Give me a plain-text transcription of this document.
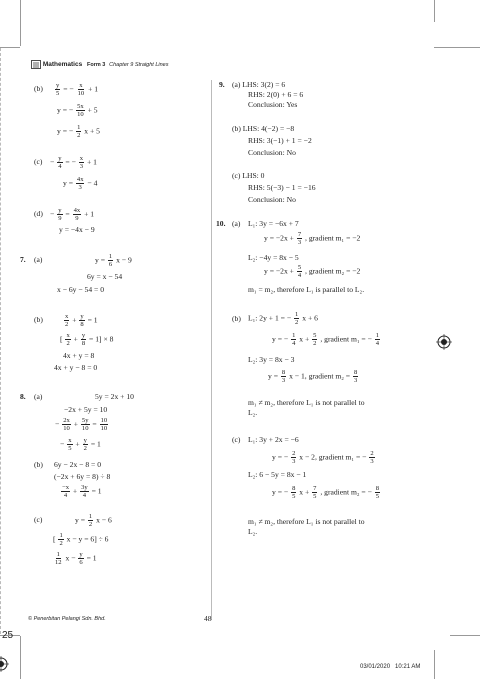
Mathematics Form 3 Chapter 9 Straight Lines
$(b) \frac{y}{5}$ = − $\frac{x}{10} + 1$
y = − $\frac{5x}{10} + 5$
y = − $\frac{1}{2}$ x + 5
$(c) - \frac{y}{4}$ = − $\frac{x}{3} + 1$
$y = \frac{4x}{3} - 4$
$(d) - \frac{y}{9} = \frac{4x}{9} + 1$
y = −4x − 9
7. (a)	$y = \frac{1}{6}$ x − 9
6y = x − 54
x − 6y − 54 = 0
(b)	$\frac{x}{2} + \frac{y}{8} = 1$
[ $\frac{x}{2} + \frac{y}{8} = 1] \times 8$
4x + y = 8
4x + y − 8 = 0
8. (a)	5y = 2x + 10
−2x + 5y = 10
− $\frac{2x}{10} + \frac{5y}{10} = \frac{10}{10}$
− $\frac{x}{5} + \frac{y}{2} = 1$
(b) 6y − 2x − 8 = 0
(−2x + 6y = 8) ÷ 8
$\frac{-x}{4} + \frac{3y}{4} = 1$
(c)	$y = \frac{1}{2}$ x − 6
[ $\frac{1}{2}$ x − y = 6] ÷ 6
$\frac{1}{12}$ $x - \frac{y}{6} = 1$
9. (a) LHS: 3(2) = 6
RHS: 2(0) + 6 = 6
Conclusion: Yes
(b) LHS: 4(−2) = −8
RHS: 3(−1) + 1 = −2
Conclusion: No
(c) LHS: 0
RHS: 5(−3) − 1 = −16
Conclusion: No
10. (a) L₁: 3y = −6x + 7
$y = -2x + \frac{7}{3}$ , gradient m₁ = −2
L₂: −4y = 8x − 5
$y = -2x + \frac{5}{4}$ , gradient m₂ = −2
m₁ = m₂, therefore L₁ is parallel to L₂.
(b) L₁: 2y + 1 = − $\frac{1}{2}$ x + 6
y = − $\frac{1}{4}$ $x + \frac{5}{2}$ , gradient m₁ = − $\frac{1}{4}$
L₂: 3y = 8x − 3
$y = \frac{8}{3}$ x − 1, gradient $m_2 = \frac{8}{3}$
m₁ ≠ m₂, therefore L₁ is not parallel to
L₂.
(c) L₁: 3y + 2x = −6
y = − $\frac{2}{3}$ x − 2, gradient m₁ = − $\frac{2}{3}$
L₂: 6 − 5y = 8x − 1
y = − $\frac{8}{5}$ $x + \frac{7}{5}$ , gradient m₂ = − $\frac{8}{5}$
m₁ ≠ m₂, therefore L₁ is not parallel to
L₂.
© Penerbitan Pelangi Sdn. Bhd.	48
25
03/01/2020   10:21 AM
